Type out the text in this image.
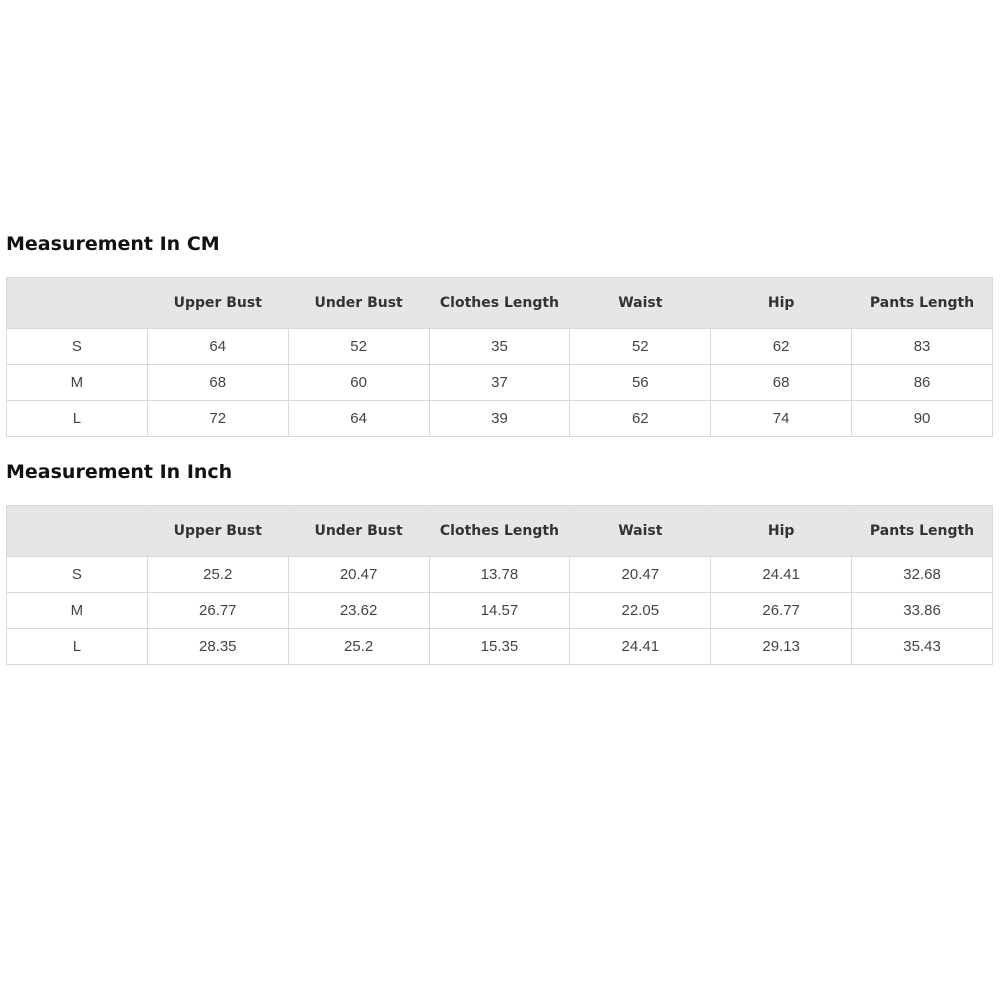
Measurement In CM
	Upper Bust	Under Bust	Clothes Length	Waist	Hip	Pants Length
S	64	52	35	52	62	83
M	68	60	37	56	68	86
L	72	64	39	62	74	90
Measurement In Inch
	Upper Bust	Under Bust	Clothes Length	Waist	Hip	Pants Length
S	25.2	20.47	13.78	20.47	24.41	32.68
M	26.77	23.62	14.57	22.05	26.77	33.86
L	28.35	25.2	15.35	24.41	29.13	35.43
